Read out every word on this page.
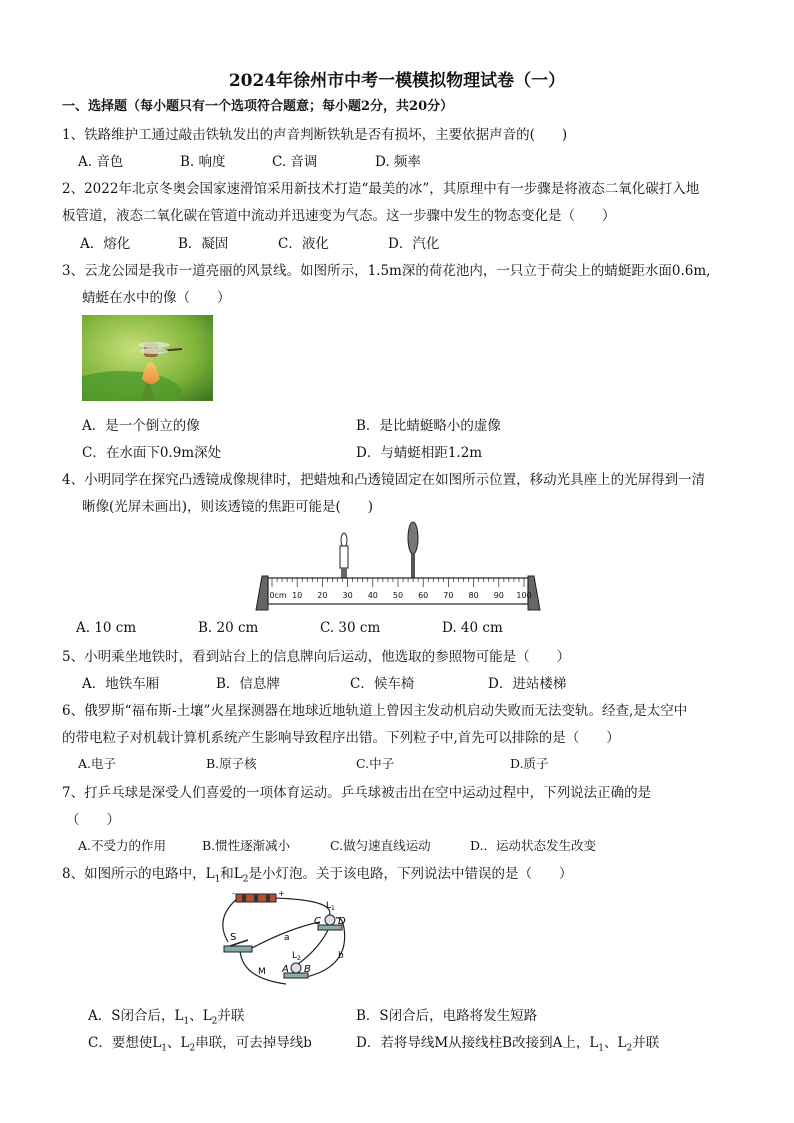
2024年徐州市中考一模模拟物理试卷（一）
一、选择题（每小题只有一个选项符合题意；每小题2分，共20分）
1、铁路维护工通过敲击铁轨发出的声音判断铁轨是否有损坏，主要依据声音的(　　)
A. 音色	B. 响度	C. 音调	D. 频率
2、2022年北京冬奥会国家速滑馆采用新技术打造“最美的冰”，其原理中有一步骤是将液态二氧化碳打入地
板管道，液态二氧化碳在管道中流动并迅速变为气态。这一步骤中发生的物态变化是（　　）
A．熔化	B．凝固	C．液化	D．汽化
3、云龙公园是我市一道亮丽的风景线。如图所示，1.5m深的荷花池内，一只立于荷尖上的蜻蜓距水面0.6m,
蜻蜓在水中的像（　　）
A．是一个倒立的像	B．是比蜻蜓略小的虚像
C．在水面下0.9m深处	D．与蜻蜓相距1.2m
4、小明同学在探究凸透镜成像规律时，把蜡烛和凸透镜固定在如图所示位置，移动光具座上的光屏得到一清
晰像(光屏未画出)，则该透镜的焦距可能是(　　)
0cm 10 20 30 40 50 60 70 80 90 100
A. 10 cm	B. 20 cm	C. 30 cm	D. 40 cm
5、小明乘坐地铁时，看到站台上的信息牌向后运动，他选取的参照物可能是（　　）
A．地铁车厢	B．信息牌	C．候车椅	D．进站楼梯
6、俄罗斯“福布斯-土壤”火星探测器在地球近地轨道上曾因主发动机启动失败而无法变轨。经查,是太空中
的带电粒子对机载计算机系统产生影响导致程序出错。下列粒子中,首先可以排除的是（　　）
A.电子	B.原子核	C.中子	D.质子
7、打乒乓球是深受人们喜爱的一项体育运动。乒乓球被击出在空中运动过程中，下列说法正确的是
（　　）
A.不受力的作用	B.惯性逐渐减小	C.做匀速直线运动	D.．运动状态发生改变
8、如图所示的电路中，$L_1$和$L_2$是小灯泡。关于该电路，下列说法中错误的是（　　）
-	+
S
M
a
b
$L_1$
C D
$L_2$
A B
A．S闭合后，$L_1$、$L_2$并联	B．S闭合后，电路将发生短路
C．要想使$L_1$、$L_2$串联，可去掉导线b	D．若将导线M从接线柱B改接到A上，$L_1$、$L_2$并联
